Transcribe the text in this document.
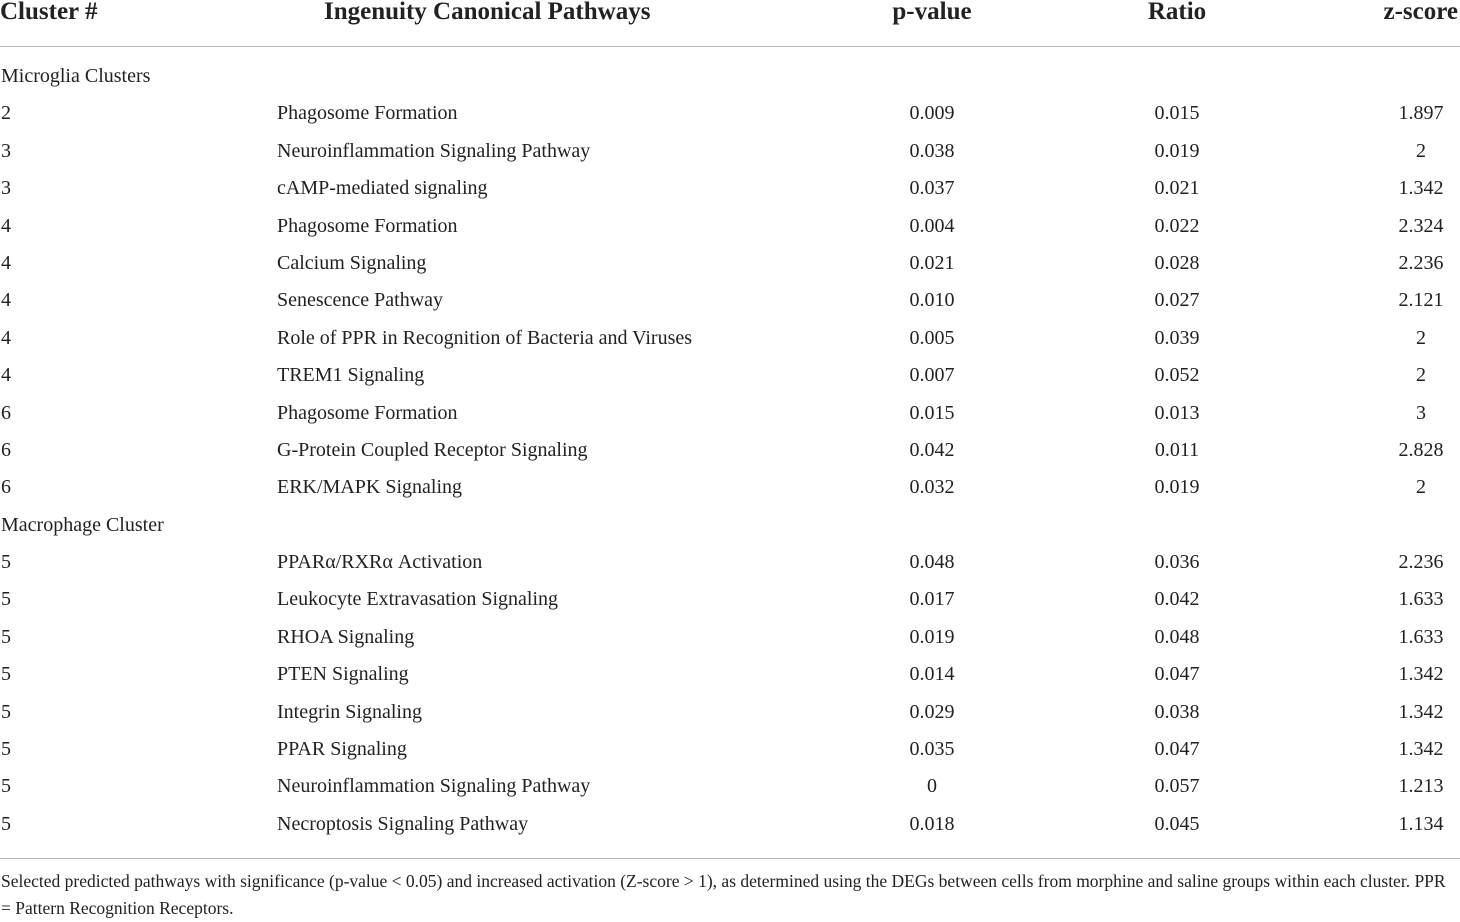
Cluster #	Ingenuity Canonical Pathways	p-value	Ratio	z-score
Microglia Clusters
2	Phagosome Formation	0.009	0.015	1.897
3	Neuroinflammation Signaling Pathway	0.038	0.019	2
3	cAMP-mediated signaling	0.037	0.021	1.342
4	Phagosome Formation	0.004	0.022	2.324
4	Calcium Signaling	0.021	0.028	2.236
4	Senescence Pathway	0.010	0.027	2.121
4	Role of PPR in Recognition of Bacteria and Viruses	0.005	0.039	2
4	TREM1 Signaling	0.007	0.052	2
6	Phagosome Formation	0.015	0.013	3
6	G-Protein Coupled Receptor Signaling	0.042	0.011	2.828
6	ERK/MAPK Signaling	0.032	0.019	2
Macrophage Cluster
5	PPARα/RXRα Activation	0.048	0.036	2.236
5	Leukocyte Extravasation Signaling	0.017	0.042	1.633
5	RHOA Signaling	0.019	0.048	1.633
5	PTEN Signaling	0.014	0.047	1.342
5	Integrin Signaling	0.029	0.038	1.342
5	PPAR Signaling	0.035	0.047	1.342
5	Neuroinflammation Signaling Pathway	0	0.057	1.213
5	Necroptosis Signaling Pathway	0.018	0.045	1.134
Selected predicted pathways with significance (p-value < 0.05) and increased activation (Z-score > 1), as determined using the DEGs between cells from morphine and saline groups within each cluster. PPR = Pattern Recognition Receptors.
